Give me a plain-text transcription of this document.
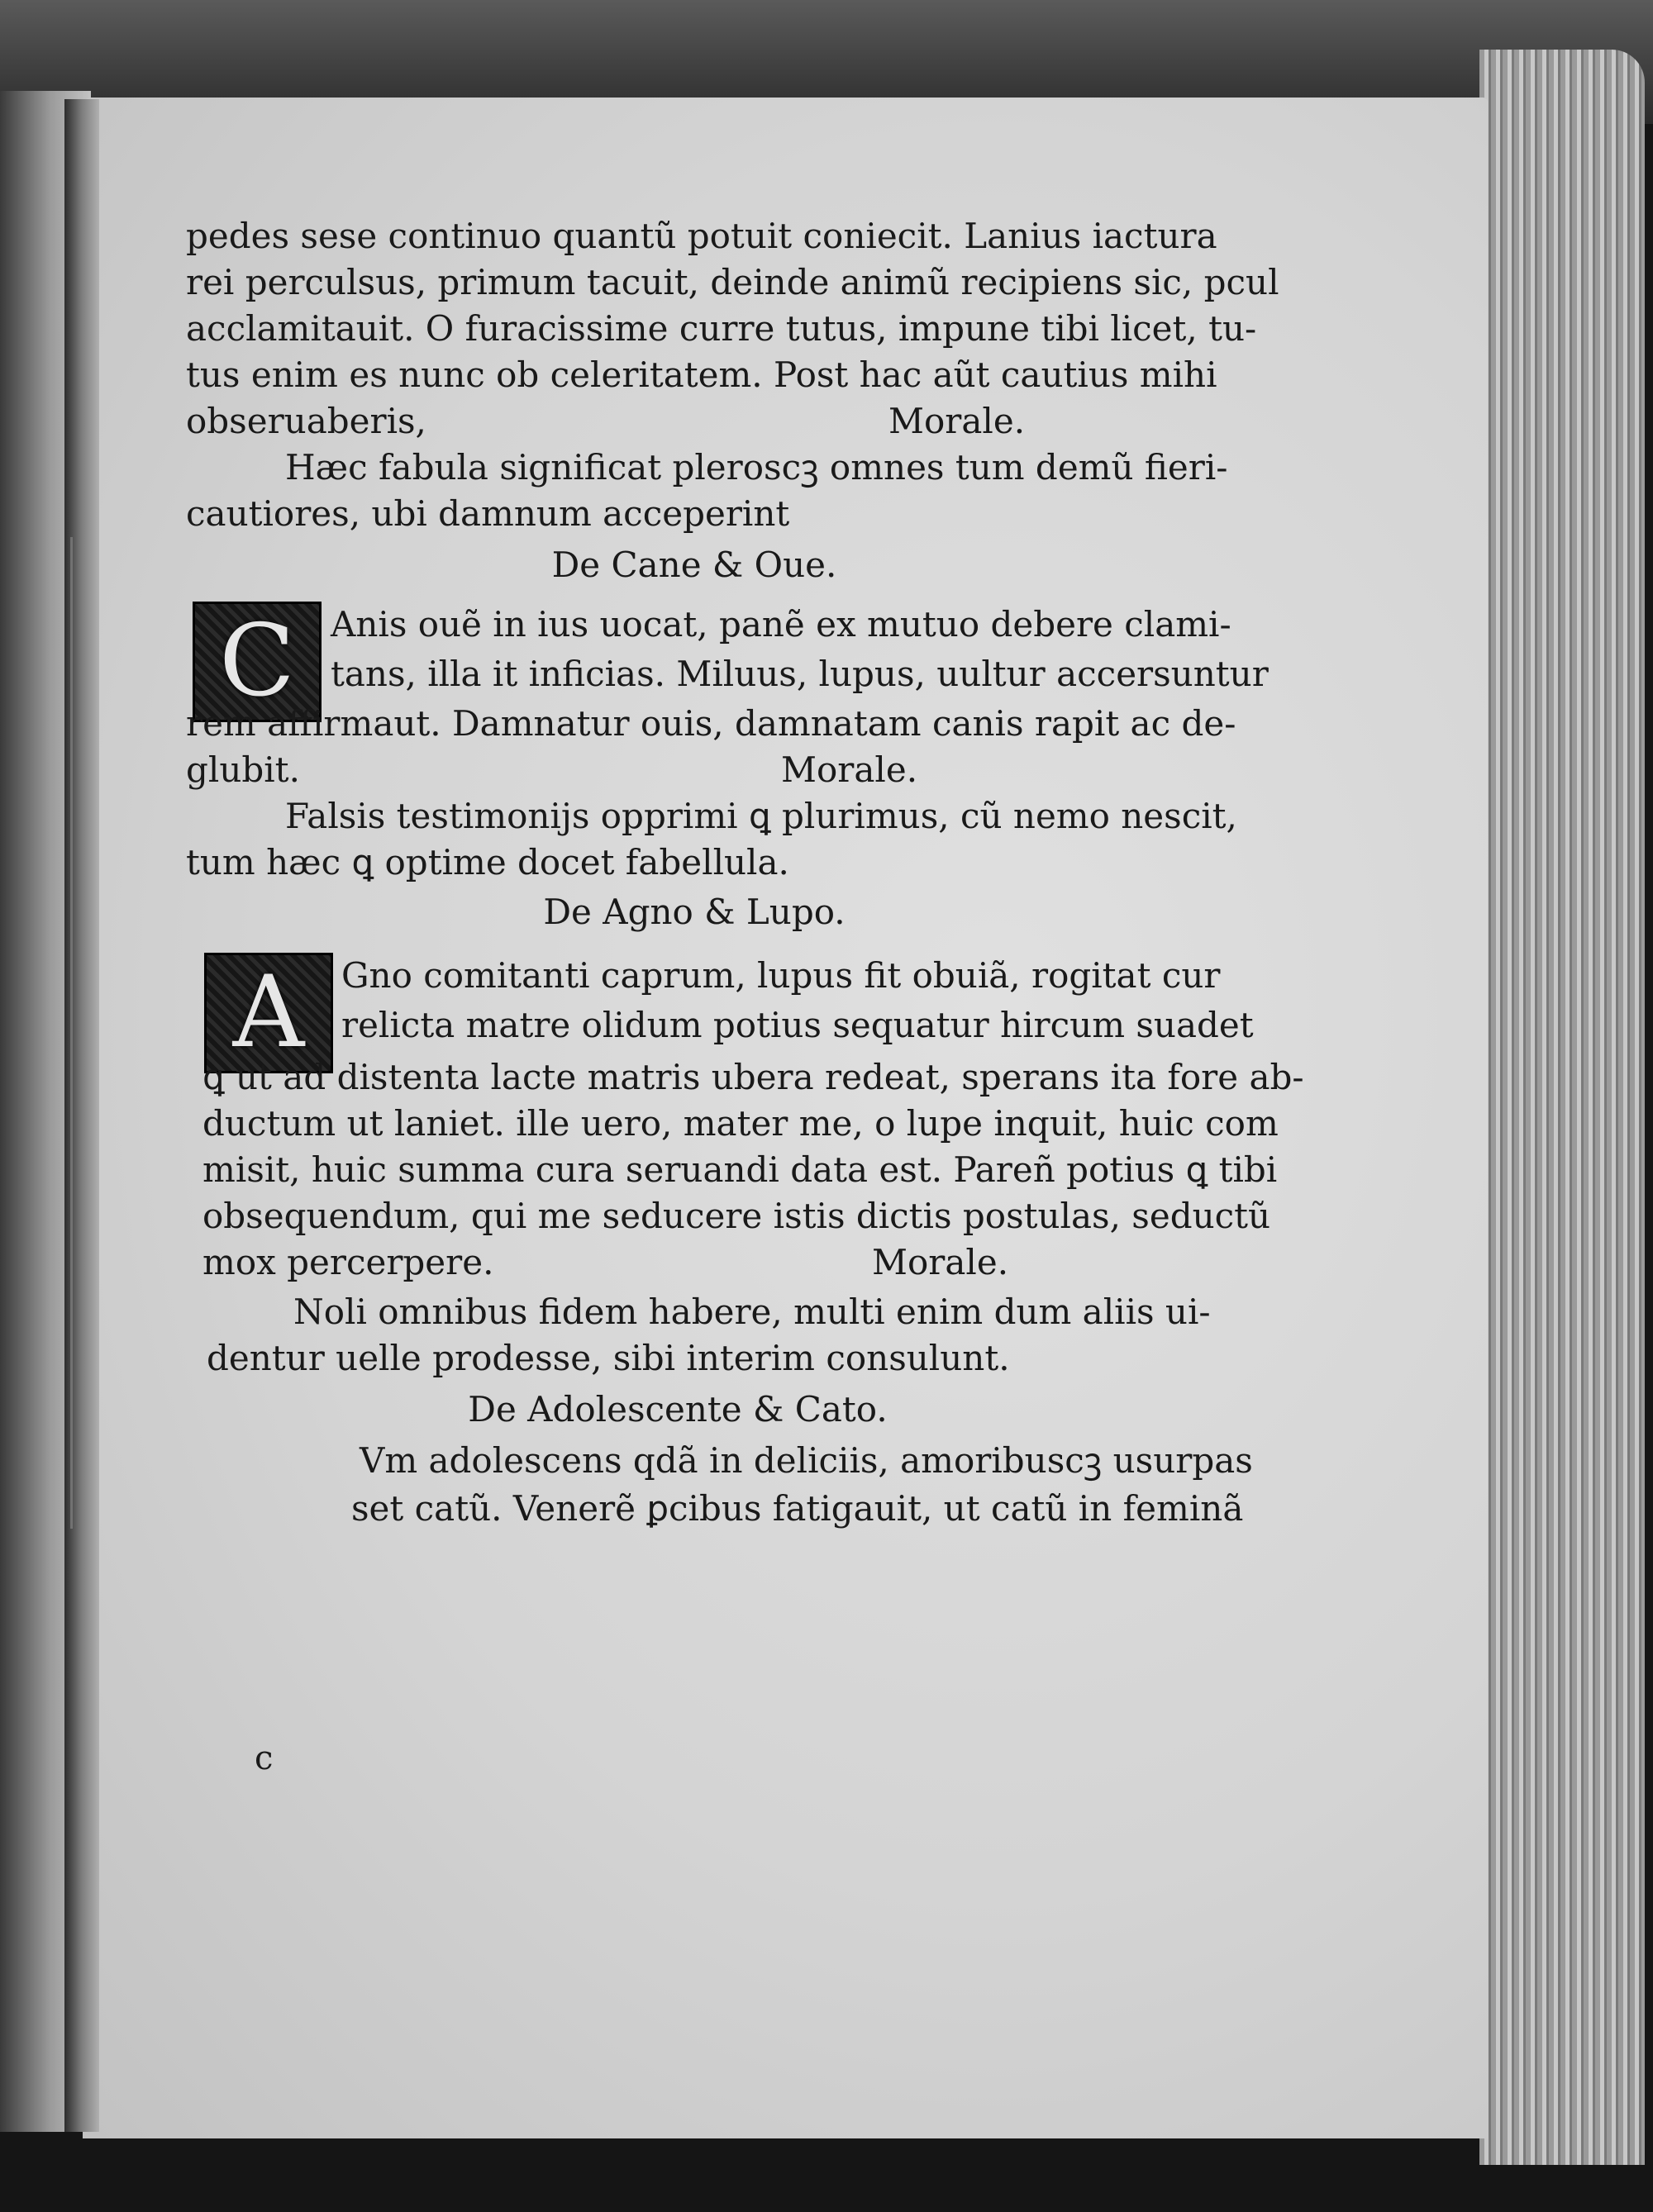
pedes sese continuo quantũ potuit coniecit. Lanius iactura
rei perculsus, primum tacuit, deinde animũ recipiens sic, pcul
acclamitauit. O furacissime curre tutus, impune tibi licet, tu-
tus enim es nunc ob celeritatem. Post hac aũt cautius mihi
obseruaberis,	Morale.
Hæc fabula significat pleroscꝫ omnes tum demũ fieri-
cautiores, ubi damnum acceperint
De Cane & Oue.
C	Anis ouẽ in ius uocat, panẽ ex mutuo debere clami-
tans, illa it inficias. Miluus, lupus, uultur accersuntur
rem affirmaut. Damnatur ouis, damnatam canis rapit ac de-
glubit.	Morale.
Falsis testimonijs opprimi ꝗ plurimus, cũ nemo nescit,
tum hæc ꝗ optime docet fabellula.
De Agno & Lupo.
A	Gno comitanti caprum, lupus fit obuiã, rogitat cur
relicta matre olidum potius sequatur hircum suadet
ꝗ ut ad distenta lacte matris ubera redeat, sperans ita fore ab-
ductum ut laniet. ille uero, mater me, o lupe inquit, huic com
misit, huic summa cura seruandi data est. Pareñ potius ꝗ tibi
obsequendum, qui me seducere istis dictis postulas, seductũ
mox percerpere.	Morale.
Noli omnibus fidem habere, multi enim dum aliis ui-
dentur uelle prodesse, sibi interim consulunt.
De Adolescente & Cato.
Vm adolescens qdã in deliciis, amoribuscꝫ usurpas
set catũ. Venerẽ ꝑcibus fatigauit, ut catũ in feminã
c
